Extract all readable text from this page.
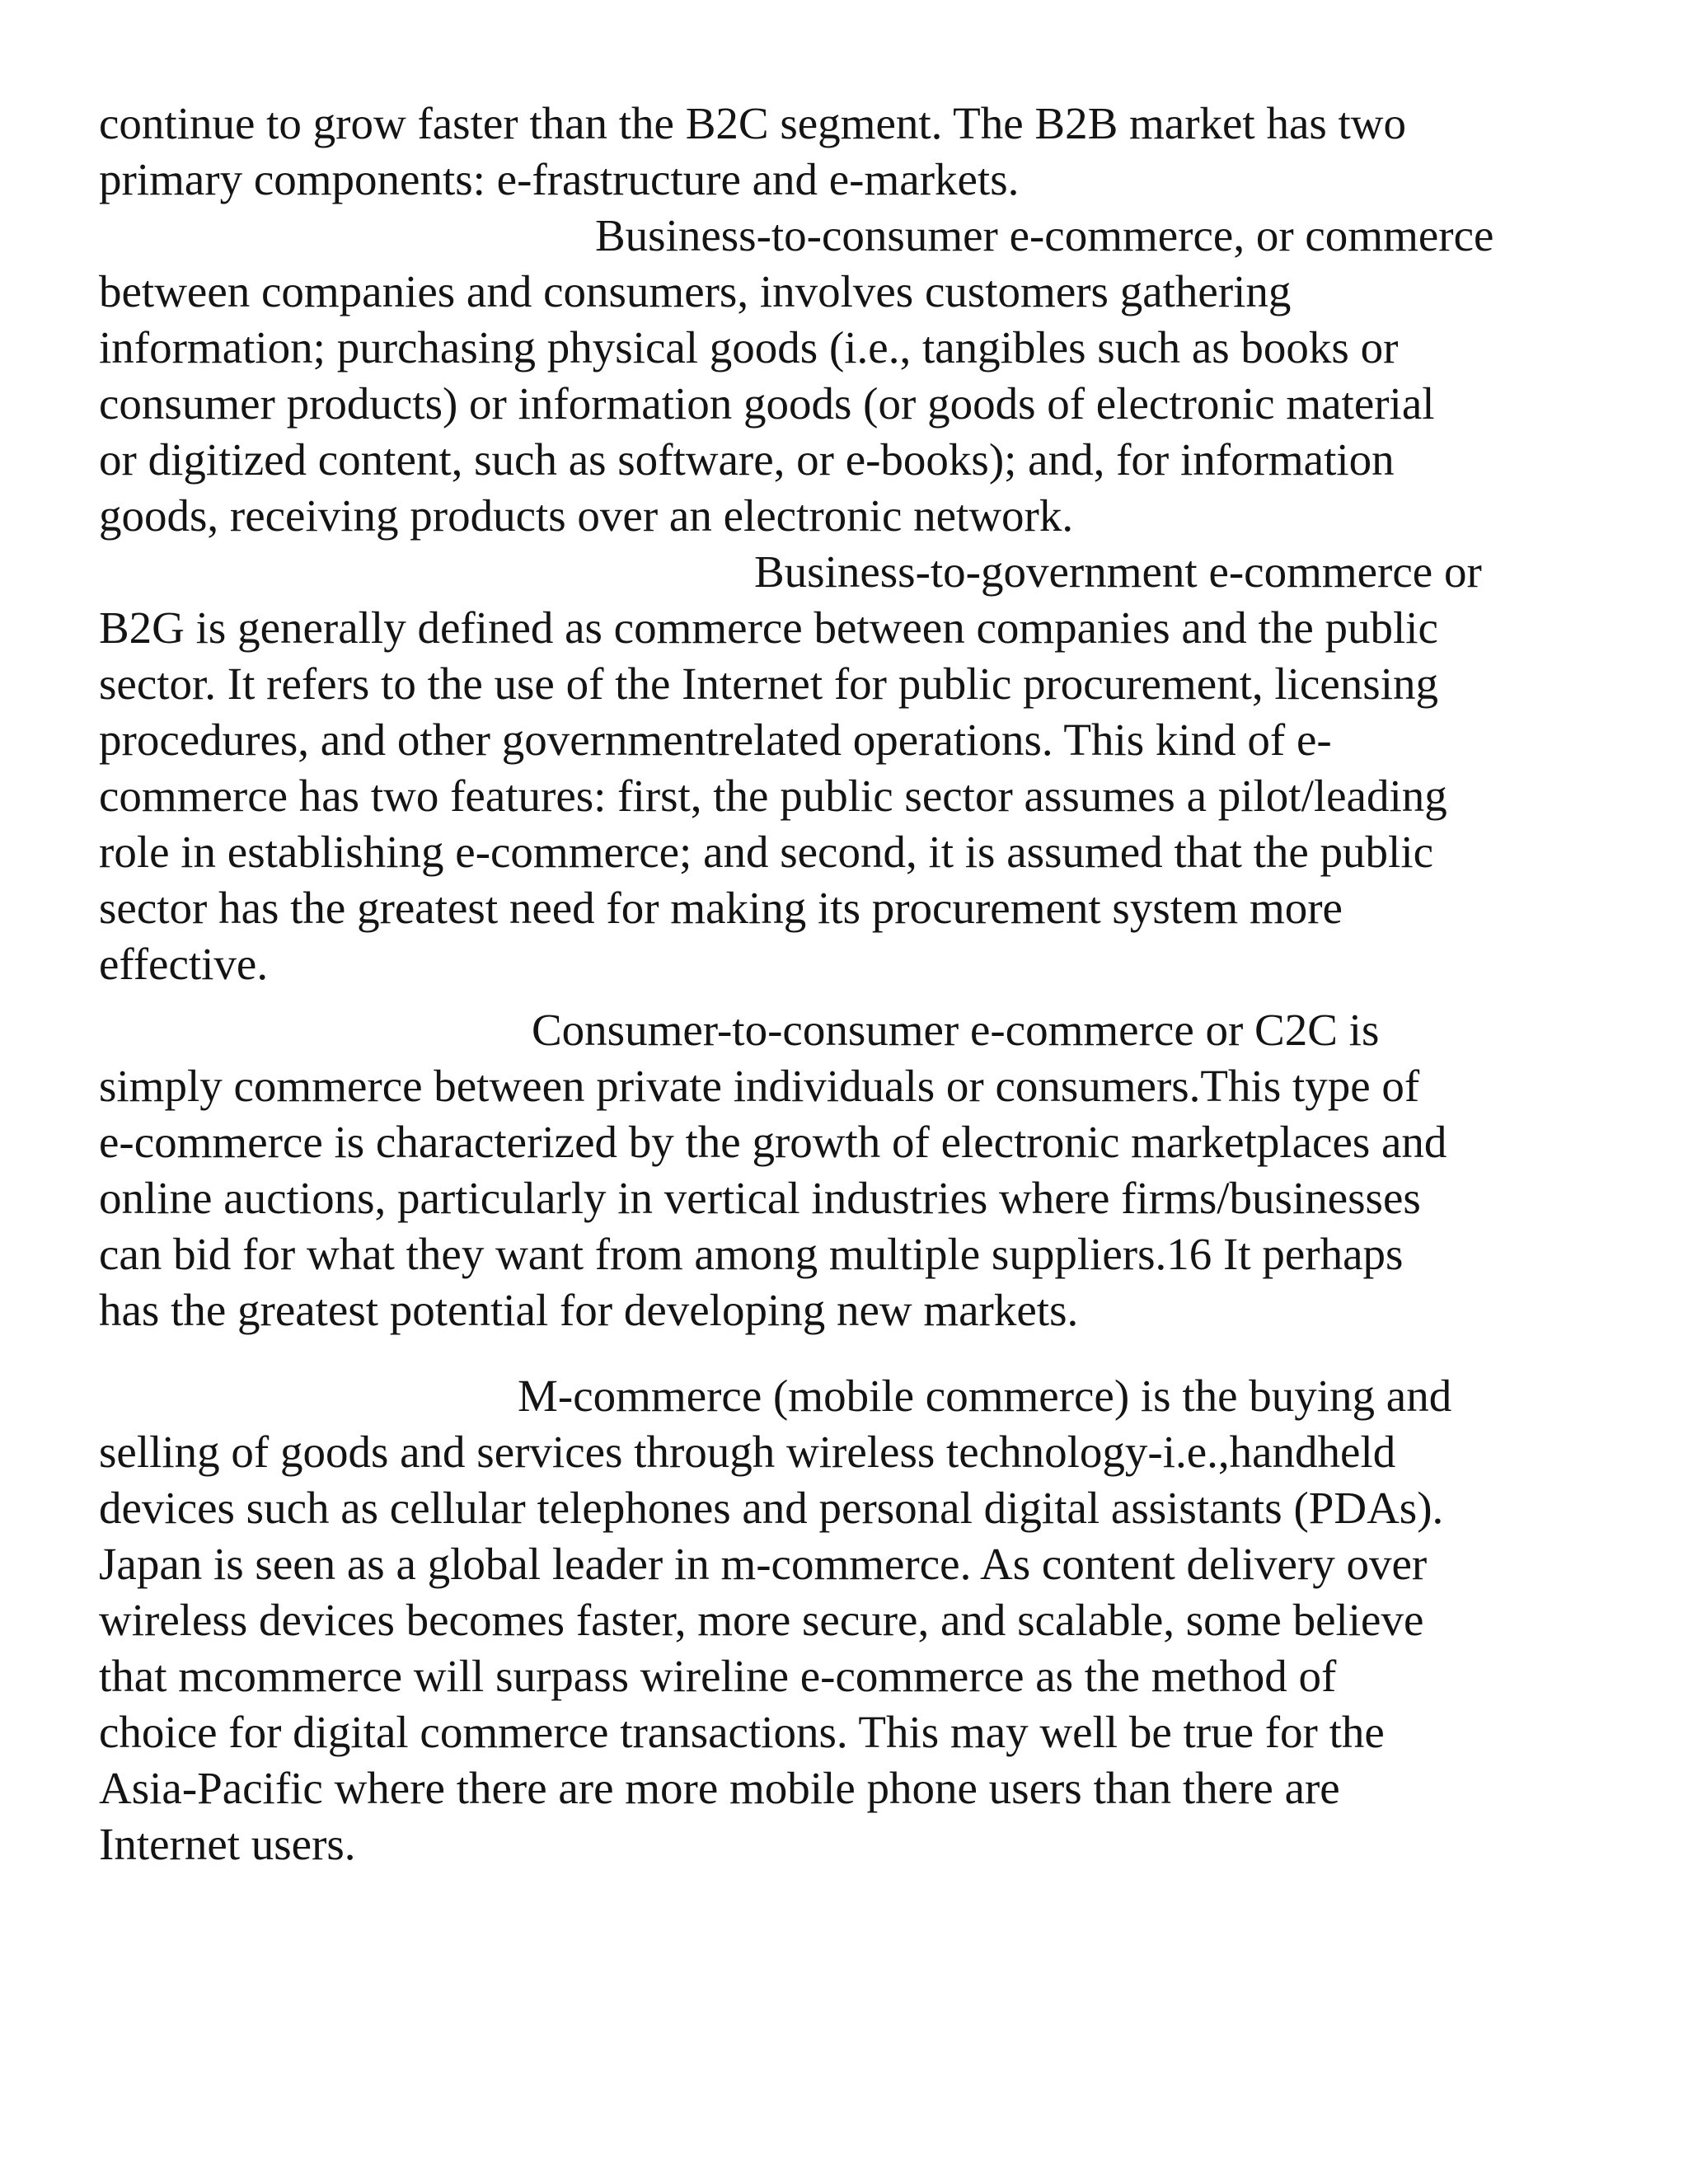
continue to grow faster than the B2C segment. The B2B market has two
primary components: e-frastructure and e-markets.
Business-to-consumer e-commerce, or commerce
between companies and consumers, involves customers gathering
information; purchasing physical goods (i.e., tangibles such as books or
consumer products) or information goods (or goods of electronic material
or digitized content, such as software, or e-books); and, for information
goods, receiving products over an electronic network.
Business-to-government e-commerce or
B2G is generally defined as commerce between companies and the public
sector. It refers to the use of the Internet for public procurement, licensing
procedures, and other governmentrelated operations. This kind of e-
commerce has two features: first, the public sector assumes a pilot/leading
role in establishing e-commerce; and second, it is assumed that the public
sector has the greatest need for making its procurement system more
effective.
Consumer-to-consumer e-commerce or C2C is
simply commerce between private individuals or consumers.This type of
e-commerce is characterized by the growth of electronic marketplaces and
online auctions, particularly in vertical industries where firms/businesses
can bid for what they want from among multiple suppliers.16 It perhaps
has the greatest potential for developing new markets.
M-commerce (mobile commerce) is the buying and
selling of goods and services through wireless technology-i.e.,handheld
devices such as cellular telephones and personal digital assistants (PDAs).
Japan is seen as a global leader in m-commerce. As content delivery over
wireless devices becomes faster, more secure, and scalable, some believe
that mcommerce will surpass wireline e-commerce as the method of
choice for digital commerce transactions. This may well be true for the
Asia-Pacific where there are more mobile phone users than there are
Internet users.
